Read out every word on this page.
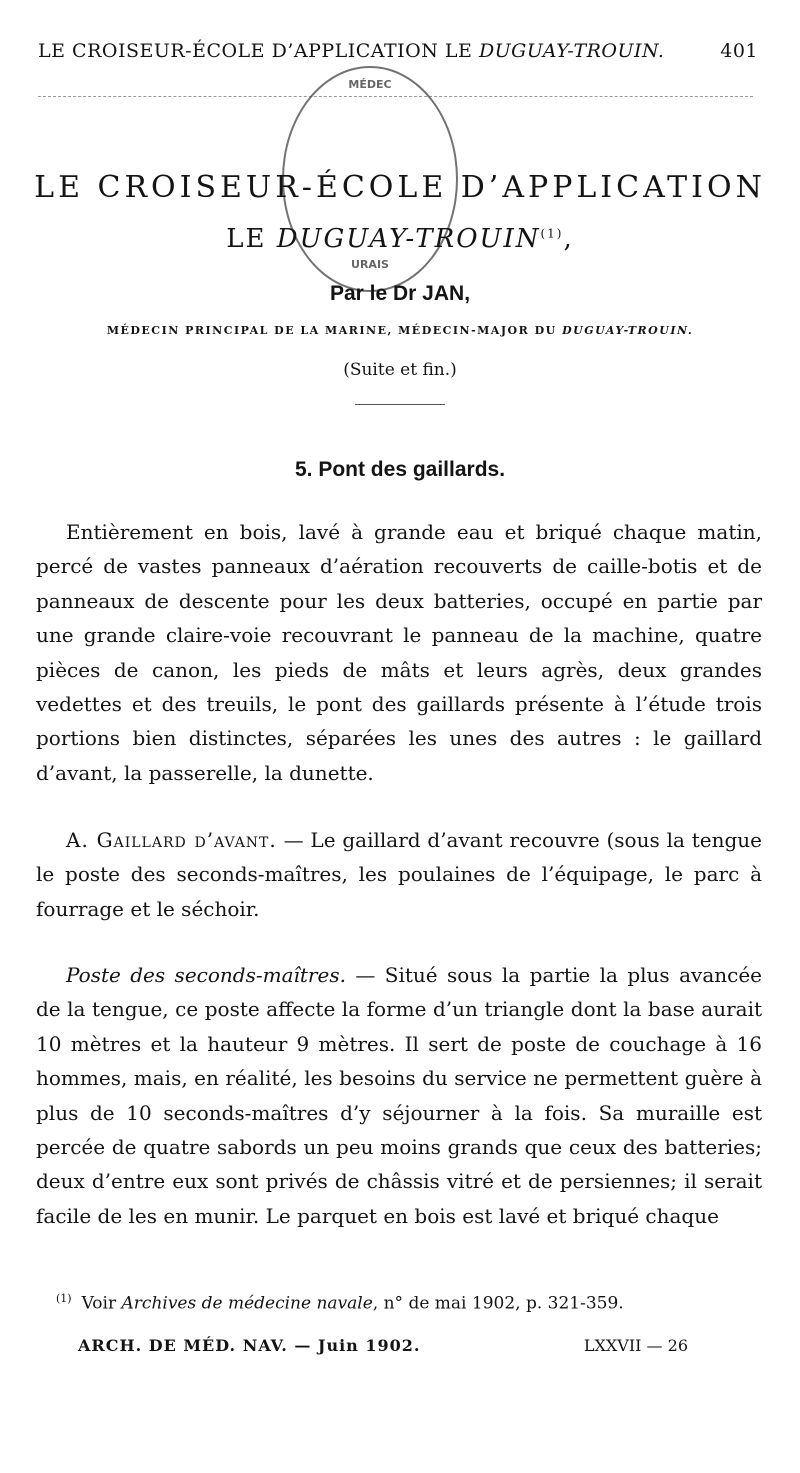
LE CROISEUR-ÉCOLE D’APPLICATION LE DUGUAY-TROUIN.	401
MÉDEC
URAIS
LE CROISEUR-ÉCOLE D’APPLICATION
LE DUGUAY-TROUIN$^{(1)}$,
Par le Dr JAN,
MÉDECIN PRINCIPAL DE LA MARINE, MÉDECIN-MAJOR DU DUGUAY-TROUIN.
(Suite et fin.)
5. Pont des gaillards.

Entièrement en bois, lavé à grande eau et briqué chaque matin, percé de vastes panneaux d’aération recouverts de caille-botis et de panneaux de descente pour les deux batteries, occupé en partie par une grande claire-voie recouvrant le panneau de la machine, quatre pièces de canon, les pieds de mâts et leurs agrès, deux grandes vedettes et des treuils, le pont des gaillards présente à l’étude trois portions bien distinctes, séparées les unes des autres : le gaillard d’avant, la passerelle, la dunette.

A. Gaillard d’avant. — Le gaillard d’avant recouvre (sous la tengue le poste des seconds-maîtres, les poulaines de l’équipage, le parc à fourrage et le séchoir.

Poste des seconds-maîtres. — Situé sous la partie la plus avancée de la tengue, ce poste affecte la forme d’un triangle dont la base aurait 10 mètres et la hauteur 9 mètres. Il sert de poste de couchage à 16 hommes, mais, en réalité, les besoins du service ne permettent guère à plus de 10 seconds-maîtres d’y séjourner à la fois. Sa muraille est percée de quatre sabords un peu moins grands que ceux des batteries; deux d’entre eux sont privés de châssis vitré et de persiennes; il serait facile de les en munir. Le parquet en bois est lavé et briqué chaque

$^{(1)}$ Voir Archives de médecine navale, n° de mai 1902, p. 321-359.
ARCH. DE MÉD. NAV. — Juin 1902.	LXXVII — 26
